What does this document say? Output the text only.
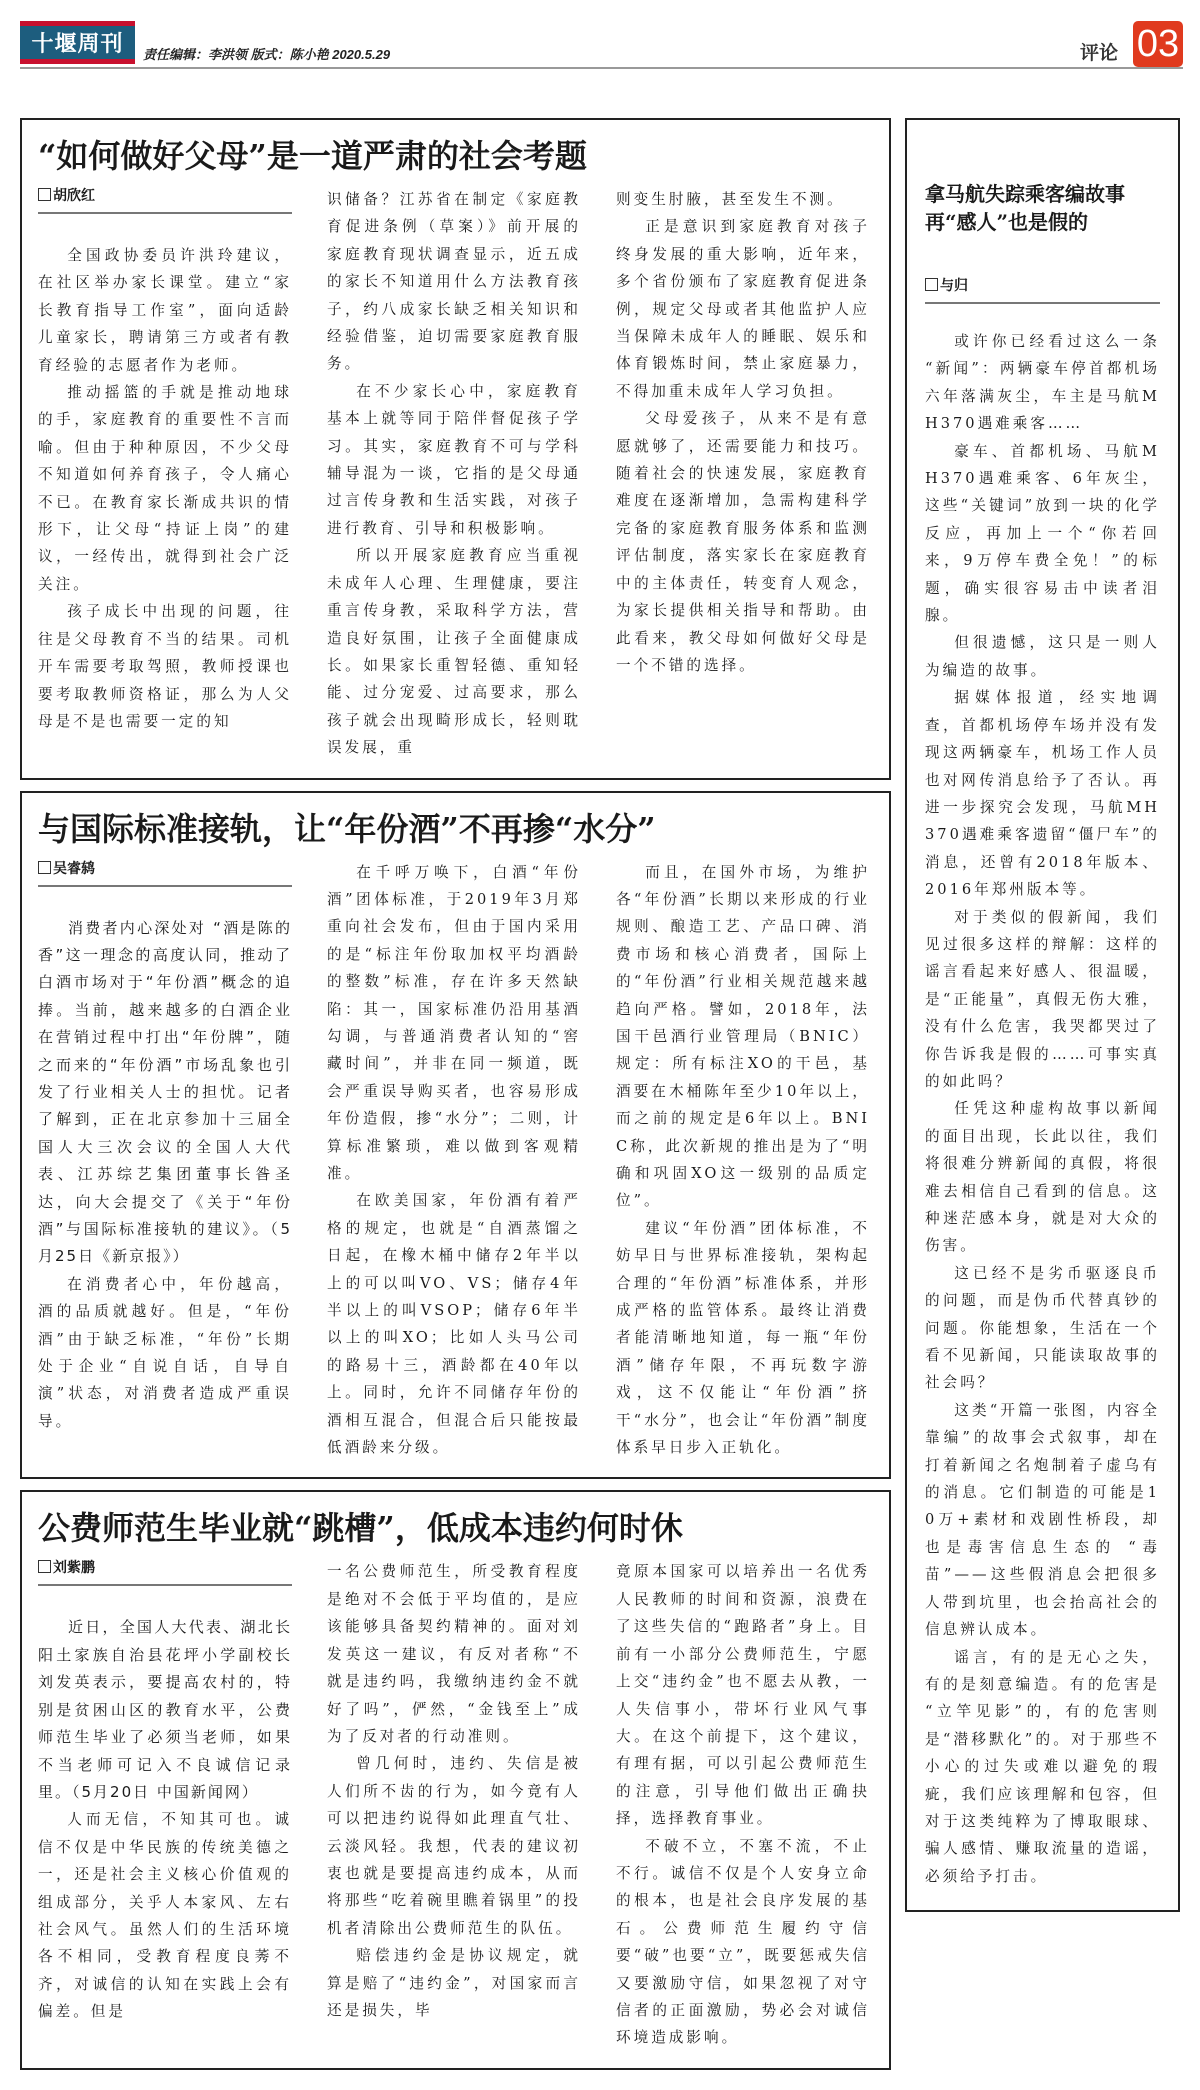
十堰周刊	责任编辑：李洪领 版式：陈小艳 2020.5.29	评论 03
“如何做好父母”是一道严肃的社会考题
胡欣红

全国政协委员许洪玲建议，在社区举办家长课堂。建立“家长教育指导工作室”，面向适龄儿童家长，聘请第三方或者有教育经验的志愿者作为老师。

推动摇篮的手就是推动地球的手，家庭教育的重要性不言而喻。但由于种种原因，不少父母不知道如何养育孩子，令人痛心不已。在教育家长渐成共识的情形下，让父母“持证上岗”的建议，一经传出，就得到社会广泛关注。

孩子成长中出现的问题，往往是父母教育不当的结果。司机开车需要考取驾照，教师授课也要考取教师资格证，那么为人父母是不是也需要一定的知

识储备？江苏省在制定《家庭教育促进条例（草案）》前开展的家庭教育现状调查显示，近五成的家长不知道用什么方法教育孩子，约八成家长缺乏相关知识和经验借鉴，迫切需要家庭教育服务。

在不少家长心中，家庭教育基本上就等同于陪伴督促孩子学习。其实，家庭教育不可与学科辅导混为一谈，它指的是父母通过言传身教和生活实践，对孩子进行教育、引导和积极影响。

所以开展家庭教育应当重视未成年人心理、生理健康，要注重言传身教，采取科学方法，营造良好氛围，让孩子全面健康成长。如果家长重智轻德、重知轻能、过分宠爱、过高要求，那么孩子就会出现畸形成长，轻则耽误发展，重

则变生肘腋，甚至发生不测。

正是意识到家庭教育对孩子终身发展的重大影响，近年来，多个省份颁布了家庭教育促进条例，规定父母或者其他监护人应当保障未成年人的睡眠、娱乐和体育锻炼时间，禁止家庭暴力，不得加重未成年人学习负担。

父母爱孩子，从来不是有意愿就够了，还需要能力和技巧。随着社会的快速发展，家庭教育难度在逐渐增加，急需构建科学完备的家庭教育服务体系和监测评估制度，落实家长在家庭教育中的主体责任，转变育人观念，为家长提供相关指导和帮助。由此看来，教父母如何做好父母是一个不错的选择。

与国际标准接轨，让“年份酒”不再掺“水分”
吴睿鸫

消费者内心深处对 “酒是陈的香”这一理念的高度认同，推动了白酒市场对于“年份酒”概念的追捧。当前，越来越多的白酒企业在营销过程中打出“年份牌”，随之而来的“年份酒”市场乱象也引发了行业相关人士的担忧。记者了解到，正在北京参加十三届全国人大三次会议的全国人大代表、江苏综艺集团董事长昝圣达，向大会提交了《关于“年份酒”与国际标准接轨的建议》。（5月25日《新京报》）

在消费者心中，年份越高，酒的品质就越好。但是，“年份酒”由于缺乏标准，“年份”长期处于企业“自说自话，自导自演”状态，对消费者造成严重误导。

在千呼万唤下，白酒“年份酒”团体标准，于2019年3月郑重向社会发布，但由于国内采用的是“标注年份取加权平均酒龄的整数”标准，存在许多天然缺陷：其一，国家标准仍沿用基酒勾调，与普通消费者认知的“窖藏时间”，并非在同一频道，既会严重误导购买者，也容易形成年份造假，掺“水分”；二则，计算标准繁琐，难以做到客观精准。

在欧美国家，年份酒有着严格的规定，也就是“自酒蒸馏之日起，在橡木桶中储存2年半以上的可以叫VO、VS；储存4年半以上的叫VSOP；储存6年半以上的叫XO；比如人头马公司的路易十三，酒龄都在40年以上。同时，允许不同储存年份的酒相互混合，但混合后只能按最低酒龄来分级。

而且，在国外市场，为维护各“年份酒”长期以来形成的行业规则、酿造工艺、产品口碑、消费市场和核心消费者，国际上的“年份酒”行业相关规范越来越趋向严格。譬如，2018年，法国干邑酒行业管理局（BNIC）规定：所有标注XO的干邑，基酒要在木桶陈年至少10年以上，而之前的规定是6年以上。BNIC称，此次新规的推出是为了“明确和巩固XO这一级别的品质定位”。

建议“年份酒”团体标准，不妨早日与世界标准接轨，架构起合理的“年份酒”标准体系，并形成严格的监管体系。最终让消费者能清晰地知道，每一瓶“年份酒”储存年限，不再玩数字游戏，这不仅能让“年份酒”挤干“水分”，也会让“年份酒”制度体系早日步入正轨化。

公费师范生毕业就“跳槽”，低成本违约何时休
刘紫鹏

近日，全国人大代表、湖北长阳土家族自治县花坪小学副校长刘发英表示，要提高农村的，特别是贫困山区的教育水平，公费师范生毕业了必须当老师，如果不当老师可记入不良诚信记录里。（5月20日 中国新闻网）

人而无信，不知其可也。诚信不仅是中华民族的传统美德之一，还是社会主义核心价值观的组成部分，关乎人本家风、左右社会风气。虽然人们的生活环境各不相同，受教育程度良莠不齐，对诚信的认知在实践上会有偏差。但是

一名公费师范生，所受教育程度是绝对不会低于平均值的，是应该能够具备契约精神的。面对刘发英这一建议，有反对者称“不就是违约吗，我缴纳违约金不就好了吗”，俨然，“金钱至上”成为了反对者的行动准则。

曾几何时，违约、失信是被人们所不齿的行为，如今竟有人可以把违约说得如此理直气壮、云淡风轻。我想，代表的建议初衷也就是要提高违约成本，从而将那些“吃着碗里瞧着锅里”的投机者清除出公费师范生的队伍。

赔偿违约金是协议规定，就算是赔了“违约金”，对国家而言还是损失，毕

竟原本国家可以培养出一名优秀人民教师的时间和资源，浪费在了这些失信的“跑路者”身上。目前有一小部分公费师范生，宁愿上交“违约金”也不愿去从教，一人失信事小，带坏行业风气事大。在这个前提下，这个建议，有理有据，可以引起公费师范生的注意，引导他们做出正确抉择，选择教育事业。

不破不立，不塞不流，不止不行。诚信不仅是个人安身立命的根本，也是社会良序发展的基石。公费师范生履约守信要“破”也要“立”，既要惩戒失信又要激励守信，如果忽视了对守信者的正面激励，势必会对诚信环境造成影响。

拿马航失踪乘客编故事
再“感人”也是假的
与归

或许你已经看过这么一条 “新闻”：两辆豪车停首都机场六年落满灰尘，车主是马航MH370遇难乘客……

豪车、首都机场、马航MH370遇难乘客、6年灰尘，这些“关键词”放到一块的化学反应，再加上一个“你若回来，9万停车费全免！”的标题，确实很容易击中读者泪腺。

但很遗憾，这只是一则人为编造的故事。

据媒体报道，经实地调查，首都机场停车场并没有发现这两辆豪车，机场工作人员也对网传消息给予了否认。再进一步探究会发现，马航MH370遇难乘客遗留“僵尸车”的消息，还曾有2018年版本、2016年郑州版本等。

对于类似的假新闻，我们见过很多这样的辩解：这样的谣言看起来好感人、很温暖，是“正能量”，真假无伤大雅，没有什么危害，我哭都哭过了你告诉我是假的……可事实真的如此吗？

任凭这种虚构故事以新闻的面目出现，长此以往，我们将很难分辨新闻的真假，将很难去相信自己看到的信息。这种迷茫感本身，就是对大众的伤害。

这已经不是劣币驱逐良币的问题，而是伪币代替真钞的问题。你能想象，生活在一个看不见新闻，只能读取故事的社会吗？

这类“开篇一张图，内容全靠编”的故事会式叙事，却在打着新闻之名炮制着子虚乌有的消息。它们制造的可能是10万+素材和戏剧性桥段，却也是毒害信息生态的 “毒苗”——这些假消息会把很多人带到坑里，也会抬高社会的信息辨认成本。

谣言，有的是无心之失，有的是刻意编造。有的危害是 “立竿见影”的，有的危害则是“潜移默化”的。对于那些不小心的过失或难以避免的瑕疵，我们应该理解和包容，但对于这类纯粹为了博取眼球、骗人感情、赚取流量的造谣，必须给予打击。
